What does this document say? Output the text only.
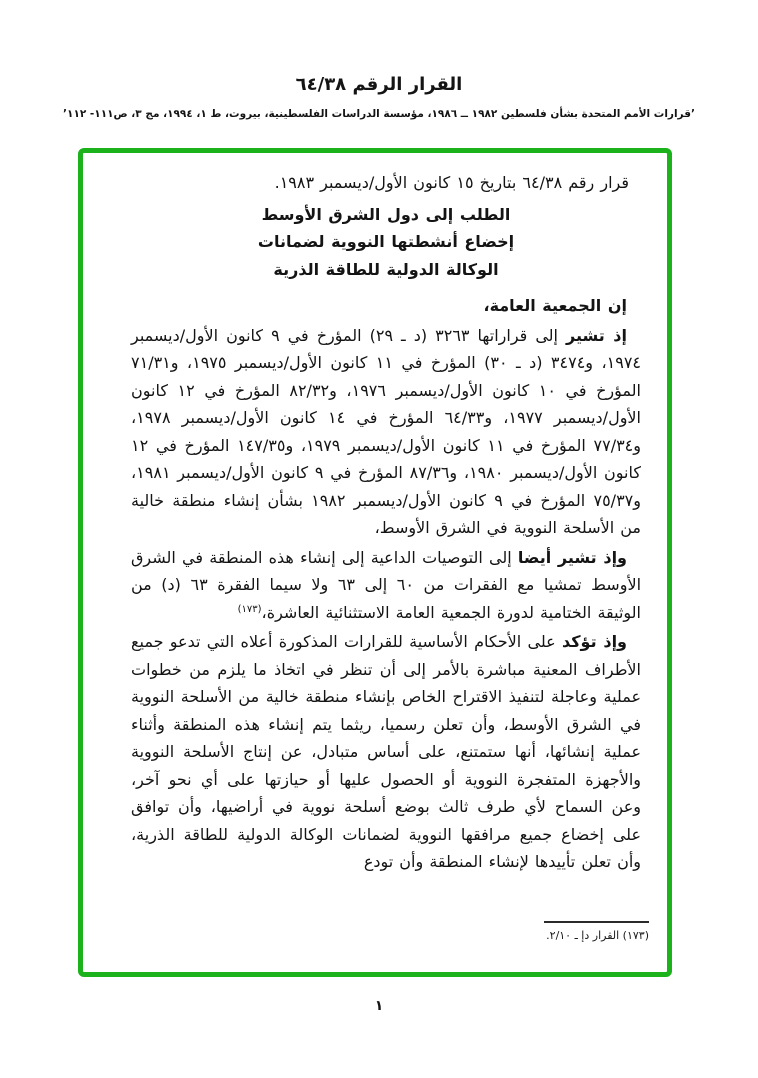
القرار الرقم ٦٤/٣٨
’قرارات الأمم المتحدة بشأن فلسطين ١٩٨٢ ــ ١٩٨٦، مؤسسة الدراسات الفلسطينية، بيروت، ط ١، ١٩٩٤، مج ٣، ص١١١- ١١٢’

قرار رقم ٦٤/٣٨ بتاريخ ١٥ كانون الأول/ديسمبر ١٩٨٣.

الطلب إلى دول الشرق الأوسط

إخضاع أنشطتها النووية لضمانات

الوكالة الدولية للطاقة الذرية

إن الجمعية العامة،

إذ تشير إلى قراراتها ٣٢٦٣ (د ـ ٢٩) المؤرخ في ٩ كانون الأول/ديسمبر ١٩٧٤، و٣٤٧٤ (د ـ ٣٠) المؤرخ في ١١ كانون الأول/ديسمبر ١٩٧٥، و٧١/٣١ المؤرخ في ١٠ كانون الأول/ديسمبر ١٩٧٦، و٨٢/٣٢ المؤرخ في ١٢ كانون الأول/ديسمبر ١٩٧٧، و٦٤/٣٣ المؤرخ في ١٤ كانون الأول/ديسمبر ١٩٧٨، و٧٧/٣٤ المؤرخ في ١١ كانون الأول/ديسمبر ١٩٧٩، و١٤٧/٣٥ المؤرخ في ١٢ كانون الأول/ديسمبر ١٩٨٠، و٨٧/٣٦ المؤرخ في ٩ كانون الأول/ديسمبر ١٩٨١، و٧٥/٣٧ المؤرخ في ٩ كانون الأول/ديسمبر ١٩٨٢ بشأن إنشاء منطقة خالية من الأسلحة النووية في الشرق الأوسط،

وإذ تشير أيضا إلى التوصيات الداعية إلى إنشاء هذه المنطقة في الشرق الأوسط تمشيا مع الفقرات من ٦٠ إلى ٦٣ ولا سيما الفقرة ٦٣ (د) من الوثيقة الختامية لدورة الجمعية العامة الاستثنائية العاشرة،$^{(١٧٣)}$

وإذ تؤكد على الأحكام الأساسية للقرارات المذكورة أعلاه التي تدعو جميع الأطراف المعنية مباشرة بالأمر إلى أن تنظر في اتخاذ ما يلزم من خطوات عملية وعاجلة لتنفيذ الاقتراح الخاص بإنشاء منطقة خالية من الأسلحة النووية في الشرق الأوسط، وأن تعلن رسميا، ريثما يتم إنشاء هذه المنطقة وأثناء عملية إنشائها، أنها ستمتنع، على أساس متبادل، عن إنتاج الأسلحة النووية والأجهزة المتفجرة النووية أو الحصول عليها أو حيازتها على أي نحو آخر، وعن السماح لأي طرف ثالث بوضع أسلحة نووية في أراضيها، وأن توافق على إخضاع جميع مرافقها النووية لضمانات الوكالة الدولية للطاقة الذرية، وأن تعلن تأييدها لإنشاء المنطقة وأن تودع

(١٧٣) القرار دإ ـ ٢/١٠.
١
